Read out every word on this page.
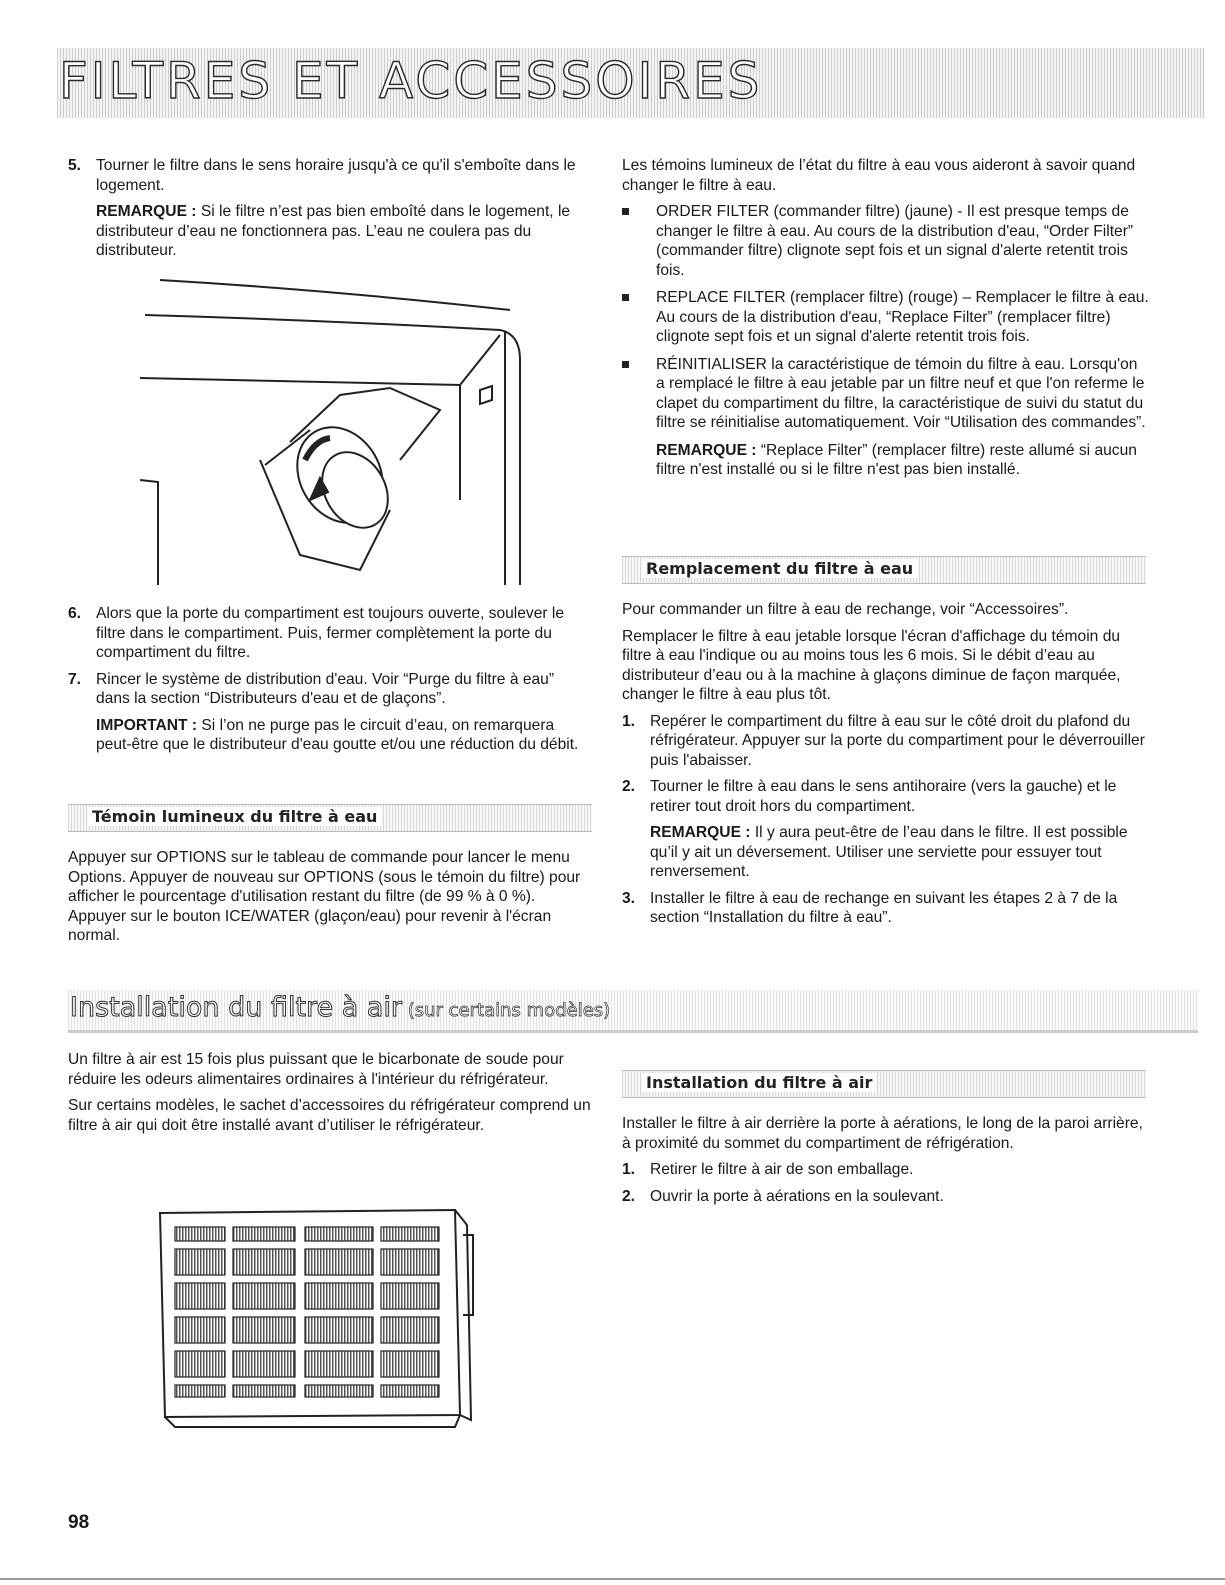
FILTRES ET ACCESSOIRES
5. Tourner le filtre dans le sens horaire jusqu'à ce qu'il s'emboîte dans le logement.
REMARQUE : Si le filtre n’est pas bien emboîté dans le logement, le distributeur d’eau ne fonctionnera pas. L’eau ne coulera pas du distributeur.
6. Alors que la porte du compartiment est toujours ouverte, soulever le filtre dans le compartiment. Puis, fermer complètement la porte du compartiment du filtre.
7. Rincer le système de distribution d'eau. Voir “Purge du filtre à eau” dans la section “Distributeurs d'eau et de glaçons”.
IMPORTANT : Si l’on ne purge pas le circuit d’eau, on remarquera peut-être que le distributeur d'eau goutte et/ou une réduction du débit.
Témoin lumineux du filtre à eau

Appuyer sur OPTIONS sur le tableau de commande pour lancer le menu Options. Appuyer de nouveau sur OPTIONS (sous le témoin du filtre) pour afficher le pourcentage d'utilisation restant du filtre (de 99 % à 0 %). Appuyer sur le bouton ICE/WATER (glaçon/eau) pour revenir à l'écran normal.

Les témoins lumineux de l’état du filtre à eau vous aideront à savoir quand changer le filtre à eau.

ORDER FILTER (commander filtre) (jaune) - Il est presque temps de changer le filtre à eau. Au cours de la distribution d'eau, “Order Filter” (commander filtre) clignote sept fois et un signal d'alerte retentit trois fois.
REPLACE FILTER (remplacer filtre) (rouge) – Remplacer le filtre à eau. Au cours de la distribution d'eau, “Replace Filter” (remplacer filtre) clignote sept fois et un signal d'alerte retentit trois fois.
RÉINITIALISER la caractéristique de témoin du filtre à eau. Lorsqu'on a remplacé le filtre à eau jetable par un filtre neuf et que l'on referme le clapet du compartiment du filtre, la caractéristique de suivi du statut du filtre se réinitialise automatiquement. Voir “Utilisation des commandes”.
REMARQUE : “Replace Filter” (remplacer filtre) reste allumé si aucun filtre n'est installé ou si le filtre n'est pas bien installé.
Remplacement du filtre à eau

Pour commander un filtre à eau de rechange, voir “Accessoires”.

Remplacer le filtre à eau jetable lorsque l'écran d'affichage du témoin du filtre à eau l'indique ou au moins tous les 6 mois. Si le débit d’eau au distributeur d’eau ou à la machine à glaçons diminue de façon marquée, changer le filtre à eau plus tôt.

1. Repérer le compartiment du filtre à eau sur le côté droit du plafond du réfrigérateur. Appuyer sur la porte du compartiment pour le déverrouiller puis l'abaisser.
2. Tourner le filtre à eau dans le sens antihoraire (vers la gauche) et le retirer tout droit hors du compartiment.
REMARQUE : Il y aura peut-être de l’eau dans le filtre. Il est possible qu’il y ait un déversement. Utiliser une serviette pour essuyer tout renversement.
3. Installer le filtre à eau de rechange en suivant les étapes 2 à 7 de la section “Installation du filtre à eau”.
Installation du filtre à air (sur certains modèles)

Un filtre à air est 15 fois plus puissant que le bicarbonate de soude pour réduire les odeurs alimentaires ordinaires à l'intérieur du réfrigérateur.

Sur certains modèles, le sachet d’accessoires du réfrigérateur comprend un filtre à air qui doit être installé avant d’utiliser le réfrigérateur.

Installation du filtre à air

Installer le filtre à air derrière la porte à aérations, le long de la paroi arrière, à proximité du sommet du compartiment de réfrigération.

1. Retirer le filtre à air de son emballage.
2. Ouvrir la porte à aérations en la soulevant.
98
